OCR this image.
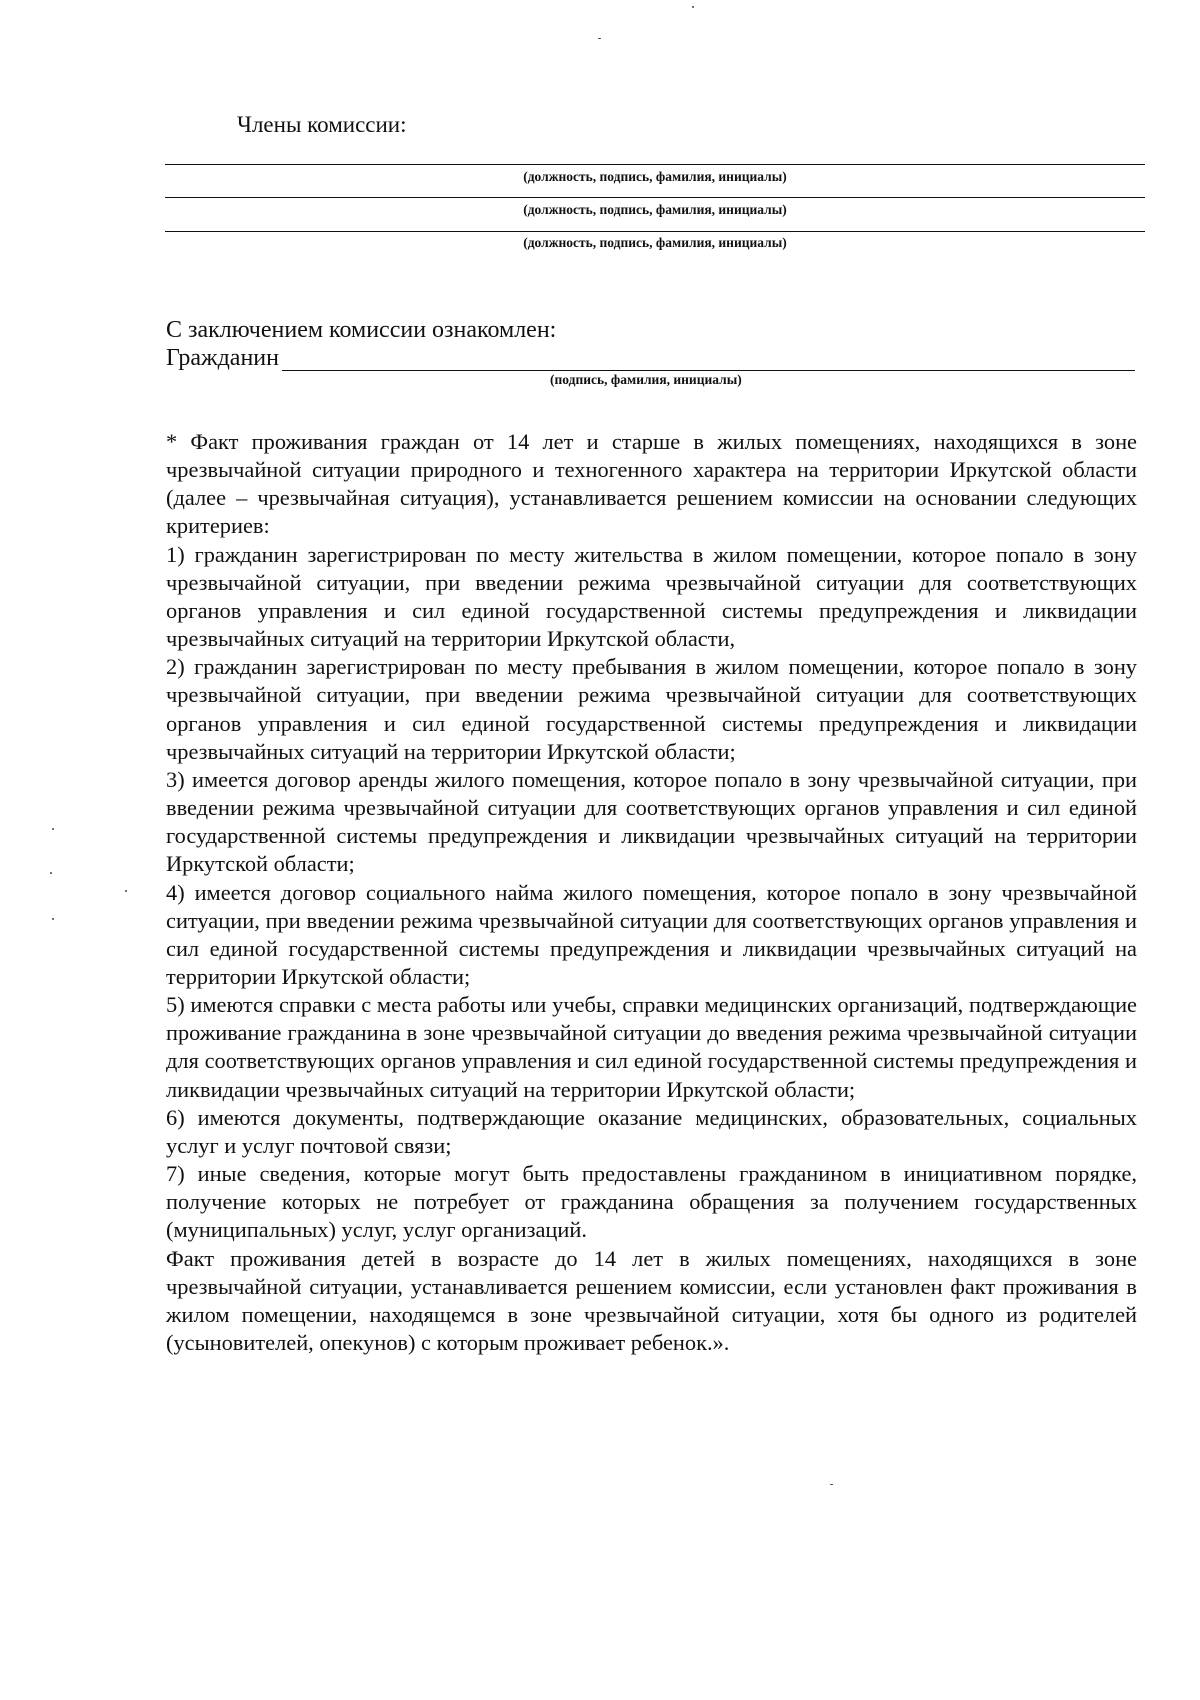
Члены комиссии:
(должность, подпись, фамилия, инициалы)
(должность, подпись, фамилия, инициалы)
(должность, подпись, фамилия, инициалы)
С заключением комиссии ознакомлен:
Гражданин
(подпись, фамилия, инициалы)

* Факт проживания граждан от 14 лет и старше в жилых помещениях, находящихся в зоне чрезвычайной ситуации природного и техногенного характера на территории Иркутской области (далее – чрезвычайная ситуация), устанавливается решением комиссии на основании следующих критериев:

1) гражданин зарегистрирован по месту жительства в жилом помещении, которое попало в зону чрезвычайной ситуации, при введении режима чрезвычайной ситуации для соответствующих органов управления и сил единой государственной системы предупреждения и ликвидации чрезвычайных ситуаций на территории Иркутской области,

2) гражданин зарегистрирован по месту пребывания в жилом помещении, которое попало в зону чрезвычайной ситуации, при введении режима чрезвычайной ситуации для соответствующих органов управления и сил единой государственной системы предупреждения и ликвидации чрезвычайных ситуаций на территории Иркутской области;

3) имеется договор аренды жилого помещения, которое попало в зону чрезвычайной ситуации, при введении режима чрезвычайной ситуации для соответствующих органов управления и сил единой государственной системы предупреждения и ликвидации чрезвычайных ситуаций на территории Иркутской области;

4) имеется договор социального найма жилого помещения, которое попало в зону чрезвычайной ситуации, при введении режима чрезвычайной ситуации для соответствующих органов управления и сил единой государственной системы предупреждения и ликвидации чрезвычайных ситуаций на территории Иркутской области;

5) имеются справки с места работы или учебы, справки медицинских организаций, подтверждающие проживание гражданина в зоне чрезвычайной ситуации до введения режима чрезвычайной ситуации для соответствующих органов управления и сил единой государственной системы предупреждения и ликвидации чрезвычайных ситуаций на территории Иркутской области;

6) имеются документы, подтверждающие оказание медицинских, образовательных, социальных услуг и услуг почтовой связи;

7) иные сведения, которые могут быть предоставлены гражданином в инициативном порядке, получение которых не потребует от гражданина обращения за получением государственных (муниципальных) услуг, услуг организаций.

Факт проживания детей в возрасте до 14 лет в жилых помещениях, находящихся в зоне чрезвычайной ситуации, устанавливается решением комиссии, если установлен факт проживания в жилом помещении, находящемся в зоне чрезвычайной ситуации, хотя бы одного из родителей (усыновителей, опекунов) с которым проживает ребенок.».
